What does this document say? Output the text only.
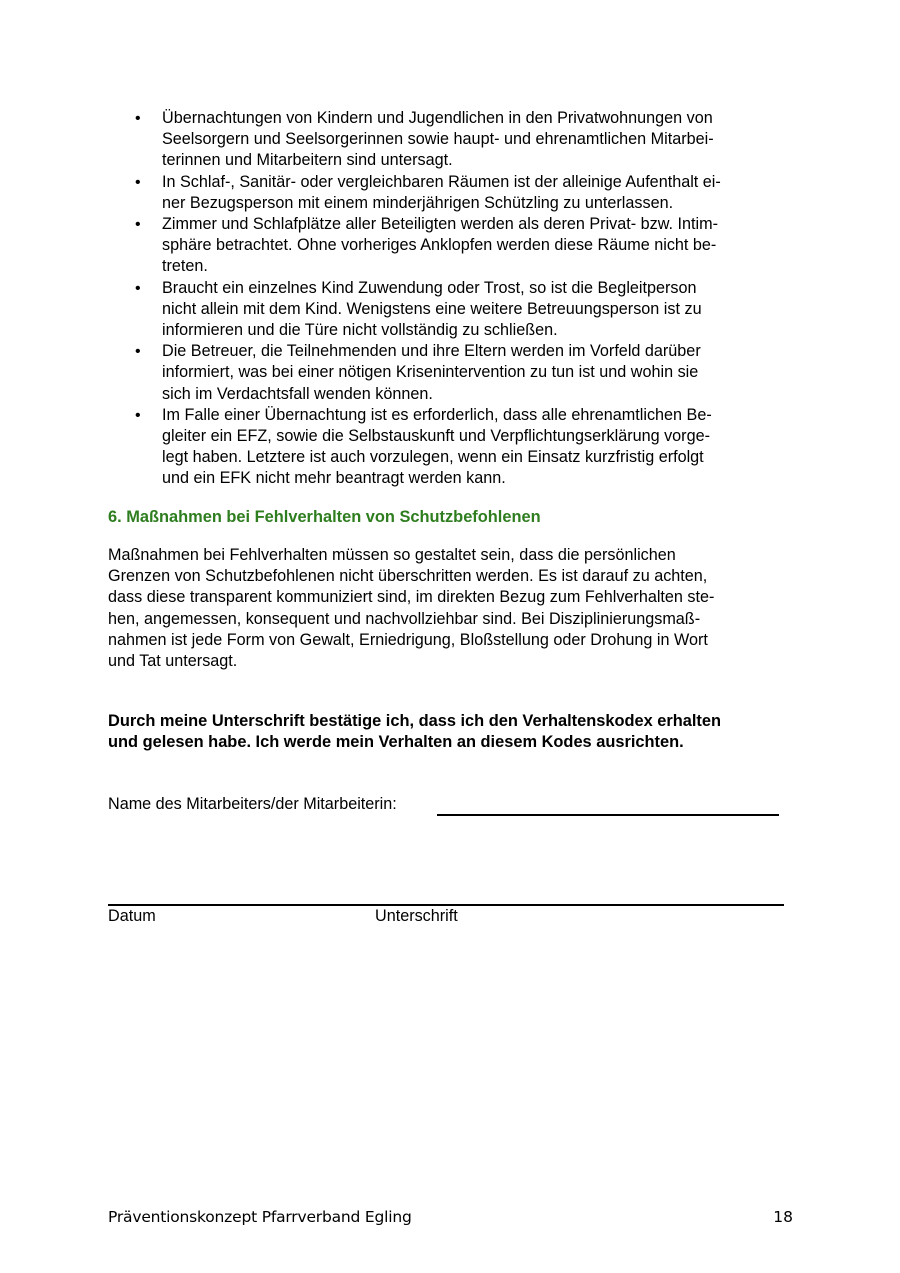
• Übernachtungen von Kindern und Jugendlichen in den Privatwohnungen von
Seelsorgern und Seelsorgerinnen sowie haupt- und ehrenamtlichen Mitarbei-
terinnen und Mitarbeitern sind untersagt.
• In Schlaf-, Sanitär- oder vergleichbaren Räumen ist der alleinige Aufenthalt ei-
ner Bezugsperson mit einem minderjährigen Schützling zu unterlassen.
• Zimmer und Schlafplätze aller Beteiligten werden als deren Privat- bzw. Intim-
sphäre betrachtet. Ohne vorheriges Anklopfen werden diese Räume nicht be-
treten.
• Braucht ein einzelnes Kind Zuwendung oder Trost, so ist die Begleitperson
nicht allein mit dem Kind. Wenigstens eine weitere Betreuungsperson ist zu
informieren und die Türe nicht vollständig zu schließen.
• Die Betreuer, die Teilnehmenden und ihre Eltern werden im Vorfeld darüber
informiert, was bei einer nötigen Krisenintervention zu tun ist und wohin sie
sich im Verdachtsfall wenden können.
• Im Falle einer Übernachtung ist es erforderlich, dass alle ehrenamtlichen Be-
gleiter ein EFZ, sowie die Selbstauskunft und Verpflichtungserklärung vorge-
legt haben. Letztere ist auch vorzulegen, wenn ein Einsatz kurzfristig erfolgt
und ein EFK nicht mehr beantragt werden kann.
6. Maßnahmen bei Fehlverhalten von Schutzbefohlenen
Maßnahmen bei Fehlverhalten müssen so gestaltet sein, dass die persönlichen
Grenzen von Schutzbefohlenen nicht überschritten werden. Es ist darauf zu achten,
dass diese transparent kommuniziert sind, im direkten Bezug zum Fehlverhalten ste-
hen, angemessen, konsequent und nachvollziehbar sind. Bei Disziplinierungsmaß-
nahmen ist jede Form von Gewalt, Erniedrigung, Bloßstellung oder Drohung in Wort
und Tat untersagt.
Durch meine Unterschrift bestätige ich, dass ich den Verhaltenskodex erhalten
und gelesen habe. Ich werde mein Verhalten an diesem Kodes ausrichten.
Name des Mitarbeiters/der Mitarbeiterin:
Datum	Unterschrift
Präventionskonzept Pfarrverband Egling	18
